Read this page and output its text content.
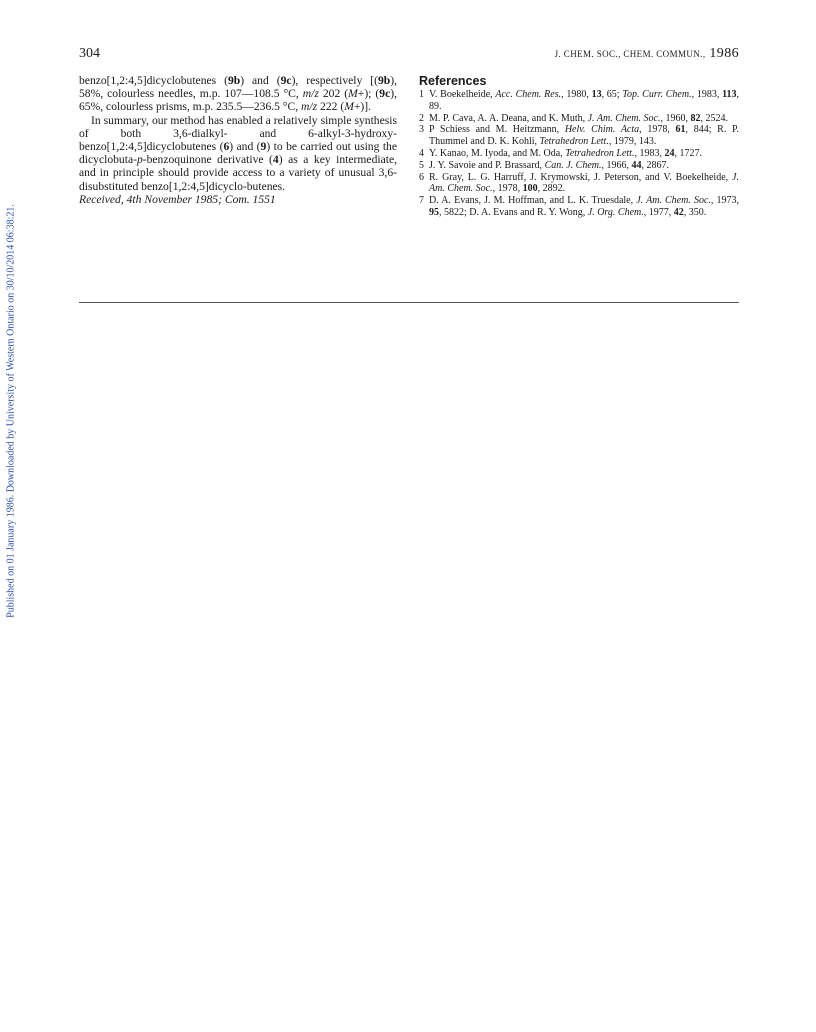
Published on 01 January 1986. Downloaded by University of Western Ontario on 30/10/2014 06:38:21.
304	J. CHEM. SOC., CHEM. COMMUN., 1986

benzo[1,2:4,5]dicyclobutenes (9b) and (9c), respectively [(9b), 58%, colourless needles, m.p. 107—108.5 °C, m/z 202 (M+); (9c), 65%, colourless prisms, m.p. 235.5—236.5 °C, m/z 222 (M+)].

In summary, our method has enabled a relatively simple synthesis of both 3,6-dialkyl- and 6-alkyl-3-hydroxy-benzo[1,2:4,5]dicyclobutenes (6) and (9) to be carried out using the dicyclobuta-p-benzoquinone derivative (4) as a key intermediate, and in principle should provide access to a variety of unusual 3,6-disubstituted benzo[1,2:4,5]dicyclo-butenes.

Received, 4th November 1985; Com. 1551

References
1 V. Boekelheide, Acc. Chem. Res., 1980, 13, 65; Top. Curr. Chem., 1983, 113, 89.
2 M. P. Cava, A. A. Deana, and K. Muth, J. Am. Chem. Soc., 1960, 82, 2524.
3 P Schiess and M. Heitzmann, Helv. Chim. Acta, 1978, 61, 844; R. P. Thummel and D. K. Kohli, Tetrahedron Lett., 1979, 143.
4 Y. Kanao, M. Iyoda, and M. Oda, Tetrahedron Lett., 1983, 24, 1727.
5 J. Y. Savoie and P. Brassard, Can. J. Chem., 1966, 44, 2867.
6 R. Gray, L. G. Harruff, J. Krymowski, J. Peterson, and V. Boekelheide, J. Am. Chem. Soc., 1978, 100, 2892.
7 D. A. Evans, J. M. Hoffman, and L. K. Truesdale, J. Am. Chem. Soc., 1973, 95, 5822; D. A. Evans and R. Y. Wong, J. Org. Chem., 1977, 42, 350.
